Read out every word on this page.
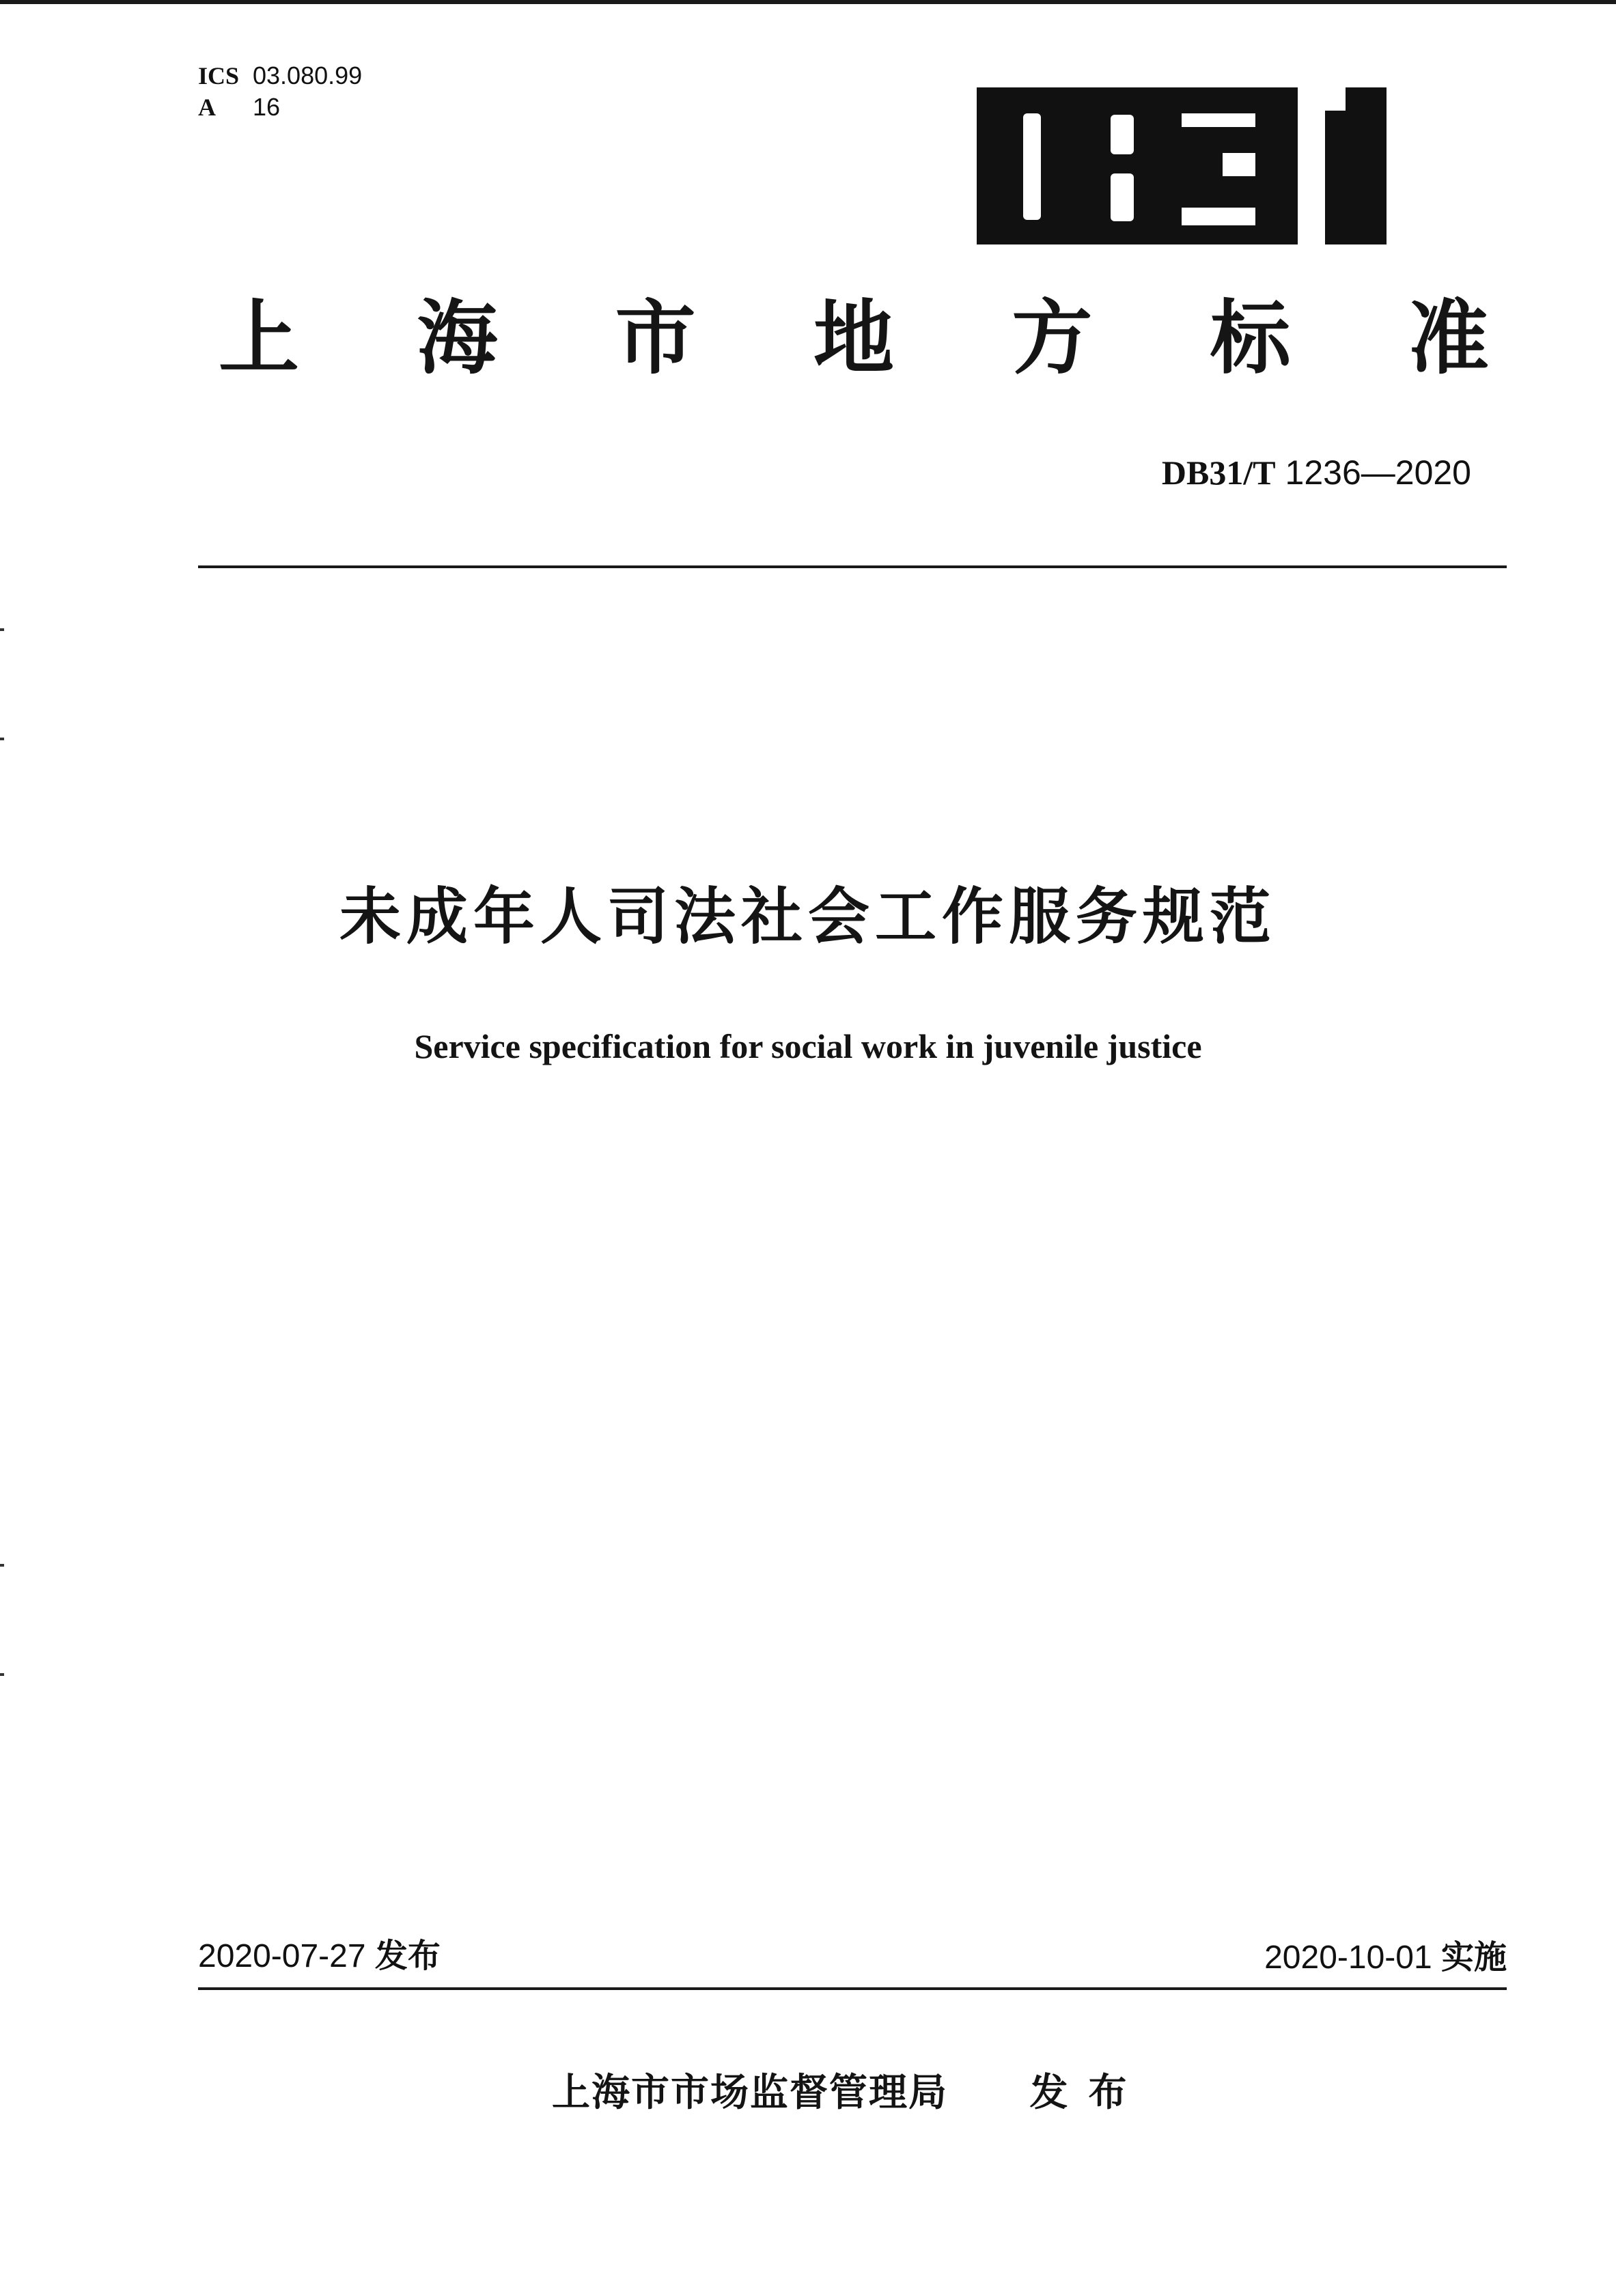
ICS 03.080.99
A 16
上 海 市 地 方 标 准
DB31/T 1236—2020
未成年人司法社会工作服务规范
Service specification for social work in juvenile justice
2020-07-27 发布	2020-10-01 实施
上海市市场监督管理局 发布
